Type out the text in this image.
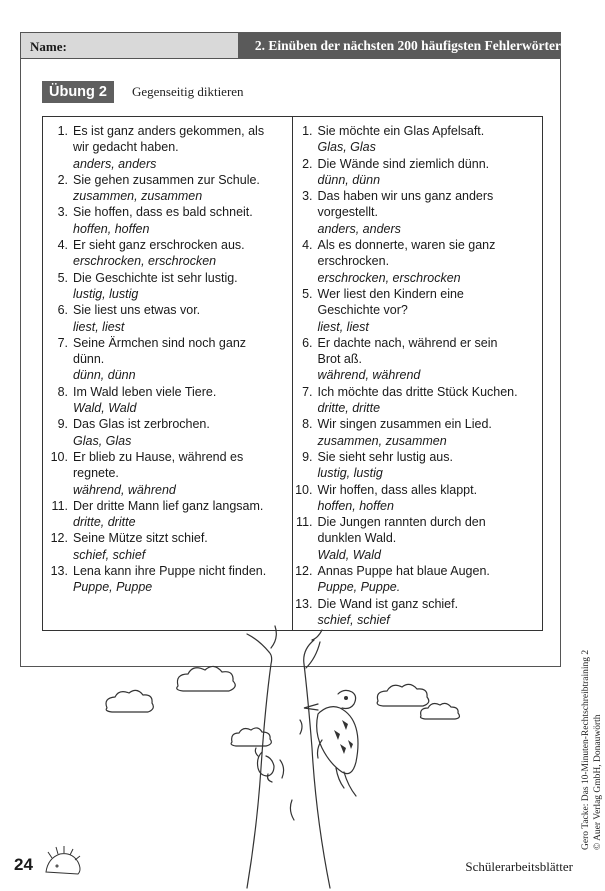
Name:	2. Einüben der nächsten 200 häufigsten Fehlerwörter
Übung 2	Gegenseitig diktieren
1. Es ist ganz anders gekommen, als
wir gedacht haben.
anders, anders
2. Sie gehen zusammen zur Schule.
zusammen, zusammen
3. Sie hoffen, dass es bald schneit.
hoffen, hoffen
4. Er sieht ganz erschrocken aus.
erschrocken, erschrocken
5. Die Geschichte ist sehr lustig.
lustig, lustig
6. Sie liest uns etwas vor.
liest, liest
7. Seine Ärmchen sind noch ganz
dünn.
dünn, dünn
8. Im Wald leben viele Tiere.
Wald, Wald
9. Das Glas ist zerbrochen.
Glas, Glas
10. Er blieb zu Hause, während es
regnete.
während, während
11. Der dritte Mann lief ganz langsam.
dritte, dritte
12. Seine Mütze sitzt schief.
schief, schief
13. Lena kann ihre Puppe nicht finden.
Puppe, Puppe
1. Sie möchte ein Glas Apfelsaft.
Glas, Glas
2. Die Wände sind ziemlich dünn.
dünn, dünn
3. Das haben wir uns ganz anders
vorgestellt.
anders, anders
4. Als es donnerte, waren sie ganz
erschrocken.
erschrocken, erschrocken
5. Wer liest den Kindern eine
Geschichte vor?
liest, liest
6. Er dachte nach, während er sein
Brot aß.
während, während
7. Ich möchte das dritte Stück Kuchen.
dritte, dritte
8. Wir singen zusammen ein Lied.
zusammen, zusammen
9. Sie sieht sehr lustig aus.
lustig, lustig
10. Wir hoffen, dass alles klappt.
hoffen, hoffen
11. Die Jungen rannten durch den
dunklen Wald.
Wald, Wald
12. Annas Puppe hat blaue Augen.
Puppe, Puppe.
13. Die Wand ist ganz schief.
schief, schief
Gero Tacke: Das 10-Minuten-Rechtschreibtraining 2 © Auer Verlag GmbH, Donauwörth
24	Schülerarbeitsblätter
